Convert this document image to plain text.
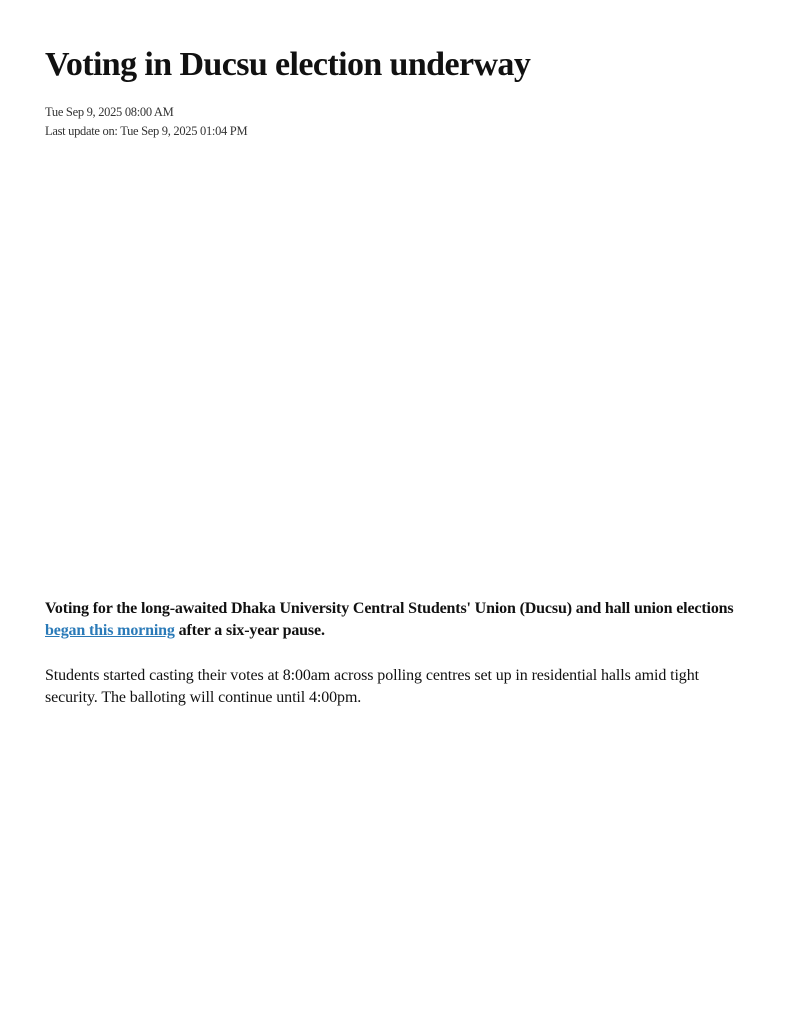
Voting in Ducsu election underway
Tue Sep 9, 2025 08:00 AM
Last update on: Tue Sep 9, 2025 01:04 PM

Voting for the long-awaited Dhaka University Central Students' Union (Ducsu) and hall union elections began this morning after a six-year pause.

Students started casting their votes at 8:00am across polling centres set up in residential halls amid tight security. The balloting will continue until 4:00pm.
